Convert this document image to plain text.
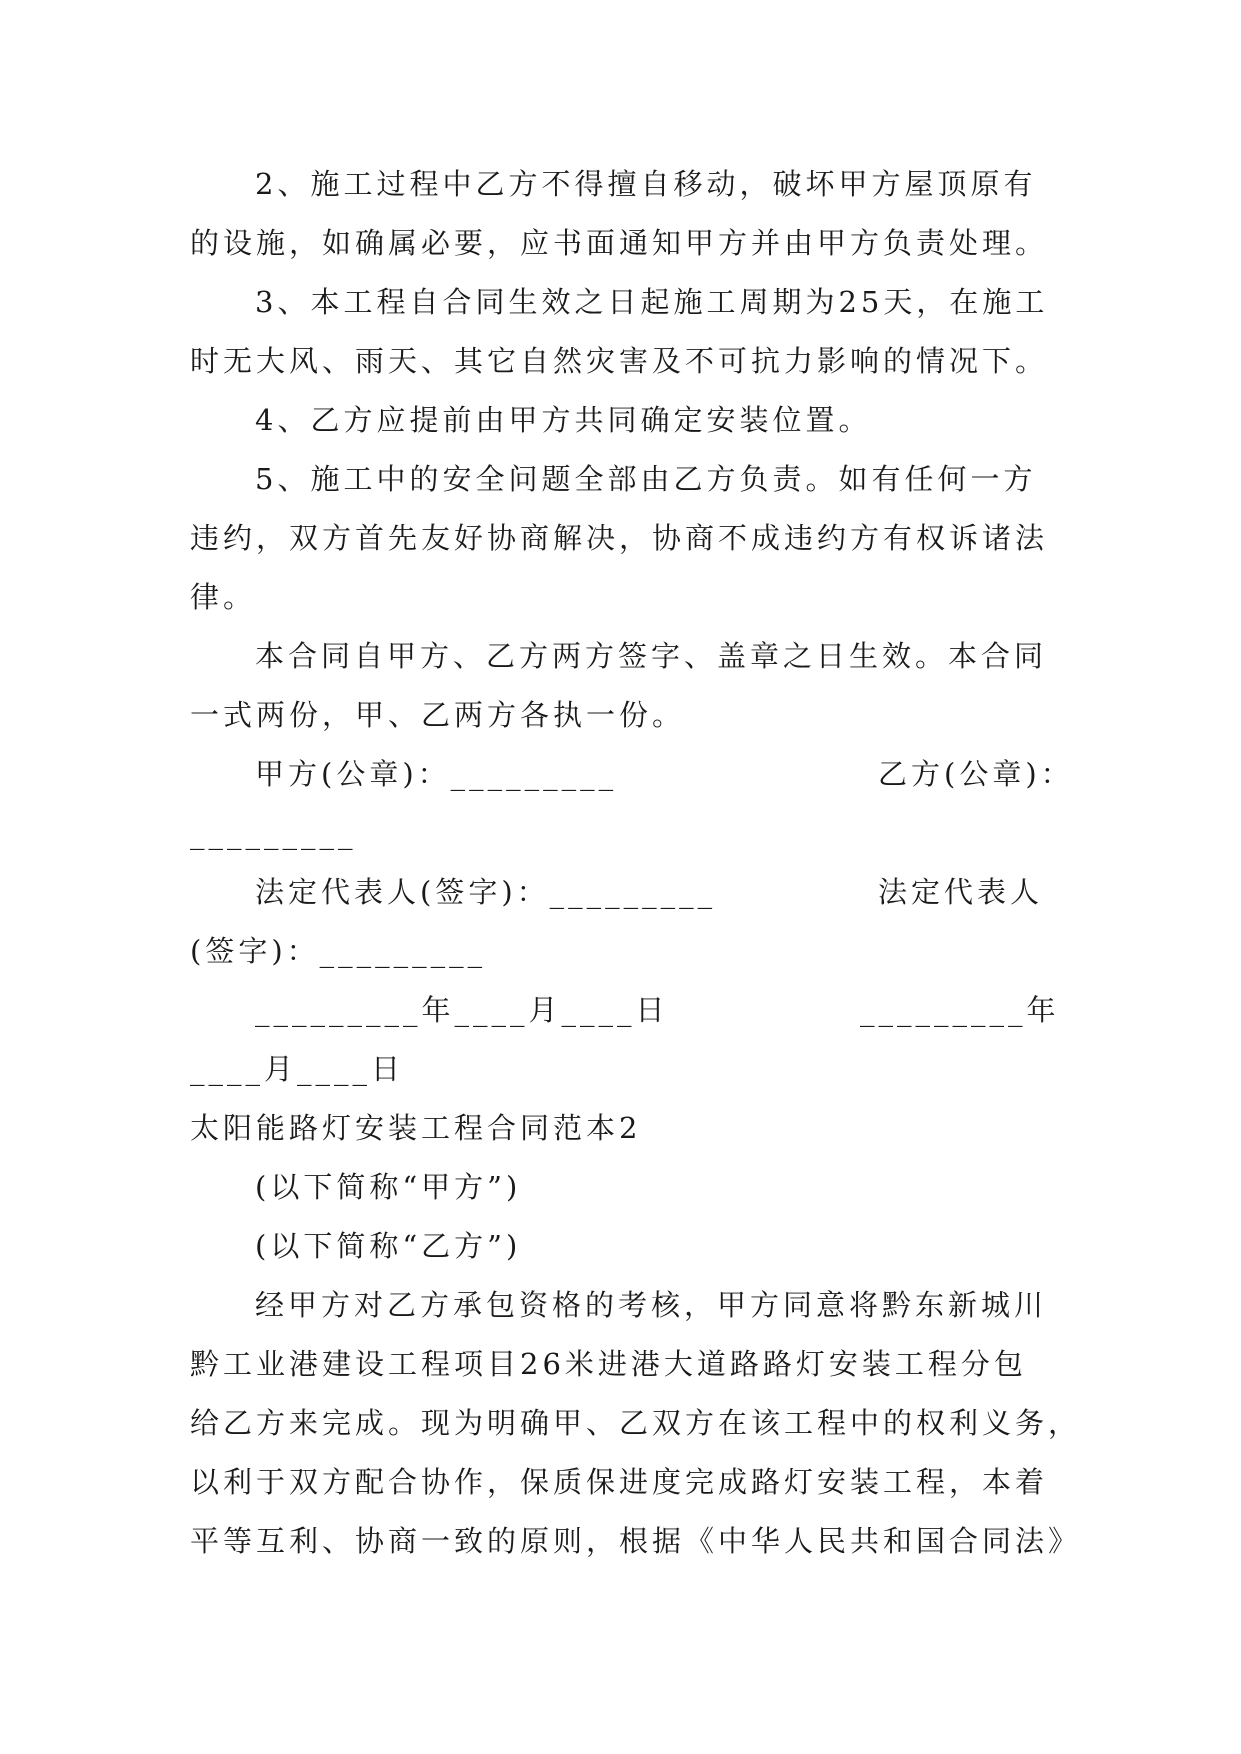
2、施工过程中乙方不得擅自移动，破坏甲方屋顶原有
的设施，如确属必要，应书面通知甲方并由甲方负责处理。
3、本工程自合同生效之日起施工周期为25天，在施工
时无大风、雨天、其它自然灾害及不可抗力影响的情况下。
4、乙方应提前由甲方共同确定安装位置。
5、施工中的安全问题全部由乙方负责。如有任何一方
违约，双方首先友好协商解决，协商不成违约方有权诉诸法
律。
本合同自甲方、乙方两方签字、盖章之日生效。本合同
一式两份，甲、乙两方各执一份。
甲方(公章)：_________	乙方(公章)：
_________
法定代表人(签字)：_________	法定代表人
(签字)：_________
_________年____月____日	_________年
____月____日
太阳能路灯安装工程合同范本2
(以下简称“甲方”)
(以下简称“乙方”)
经甲方对乙方承包资格的考核，甲方同意将黔东新城川
黔工业港建设工程项目26米进港大道路路灯安装工程分包
给乙方来完成。现为明确甲、乙双方在该工程中的权利义务，
以利于双方配合协作，保质保进度完成路灯安装工程，本着
平等互利、协商一致的原则，根据《中华人民共和国合同法》
